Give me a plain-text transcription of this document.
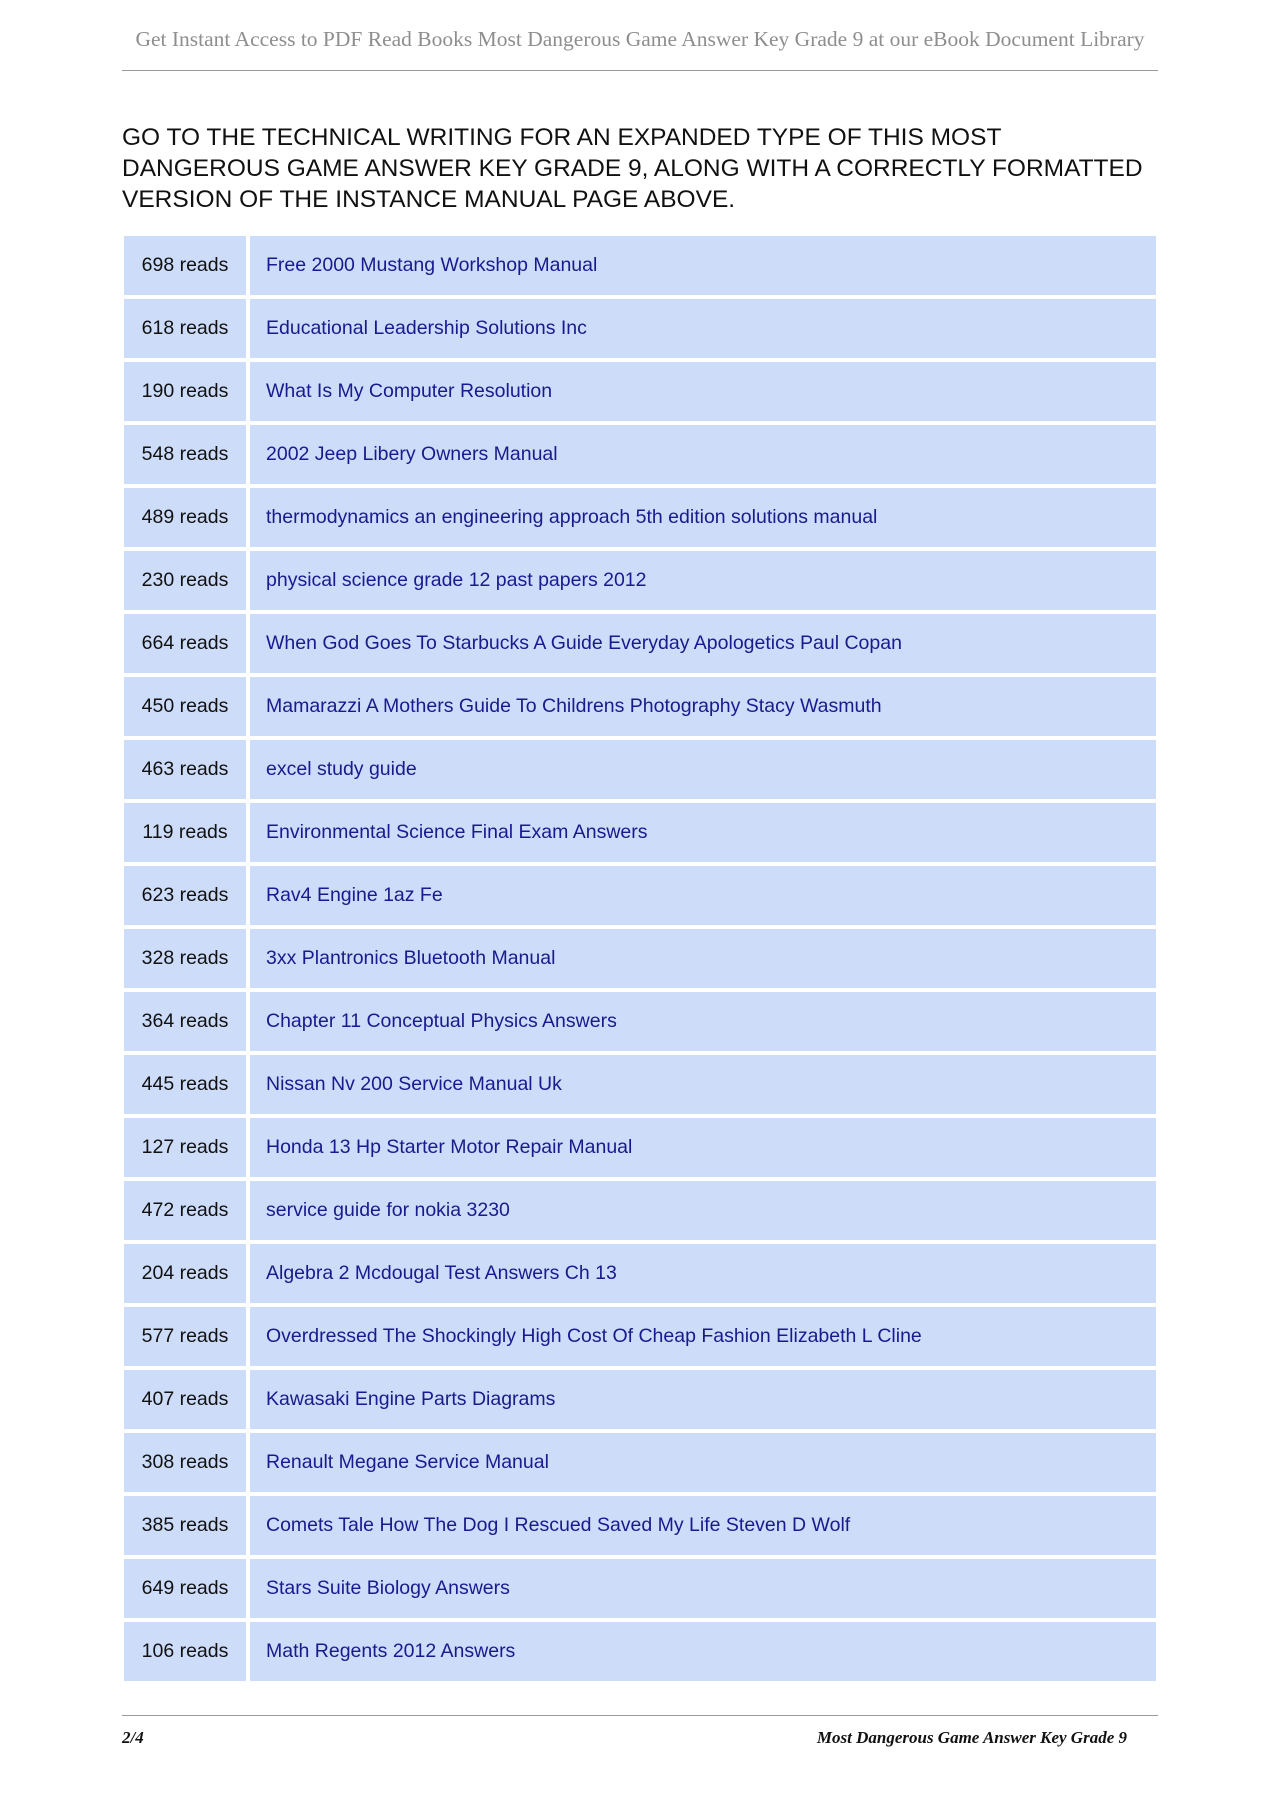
Get Instant Access to PDF Read Books Most Dangerous Game Answer Key Grade 9 at our eBook Document Library

GO TO THE TECHNICAL WRITING FOR AN EXPANDED TYPE OF THIS MOST DANGEROUS GAME ANSWER KEY GRADE 9, ALONG WITH A CORRECTLY FORMATTED VERSION OF THE INSTANCE MANUAL PAGE ABOVE.

698 reads	Free 2000 Mustang Workshop Manual
618 reads	Educational Leadership Solutions Inc
190 reads	What Is My Computer Resolution
548 reads	2002 Jeep Libery Owners Manual
489 reads	thermodynamics an engineering approach 5th edition solutions manual
230 reads	physical science grade 12 past papers 2012
664 reads	When God Goes To Starbucks A Guide Everyday Apologetics Paul Copan
450 reads	Mamarazzi A Mothers Guide To Childrens Photography Stacy Wasmuth
463 reads	excel study guide
119 reads	Environmental Science Final Exam Answers
623 reads	Rav4 Engine 1az Fe
328 reads	3xx Plantronics Bluetooth Manual
364 reads	Chapter 11 Conceptual Physics Answers
445 reads	Nissan Nv 200 Service Manual Uk
127 reads	Honda 13 Hp Starter Motor Repair Manual
472 reads	service guide for nokia 3230
204 reads	Algebra 2 Mcdougal Test Answers Ch 13
577 reads	Overdressed The Shockingly High Cost Of Cheap Fashion Elizabeth L Cline
407 reads	Kawasaki Engine Parts Diagrams
308 reads	Renault Megane Service Manual
385 reads	Comets Tale How The Dog I Rescued Saved My Life Steven D Wolf
649 reads	Stars Suite Biology Answers
106 reads	Math Regents 2012 Answers
2/4	Most Dangerous Game Answer Key Grade 9
